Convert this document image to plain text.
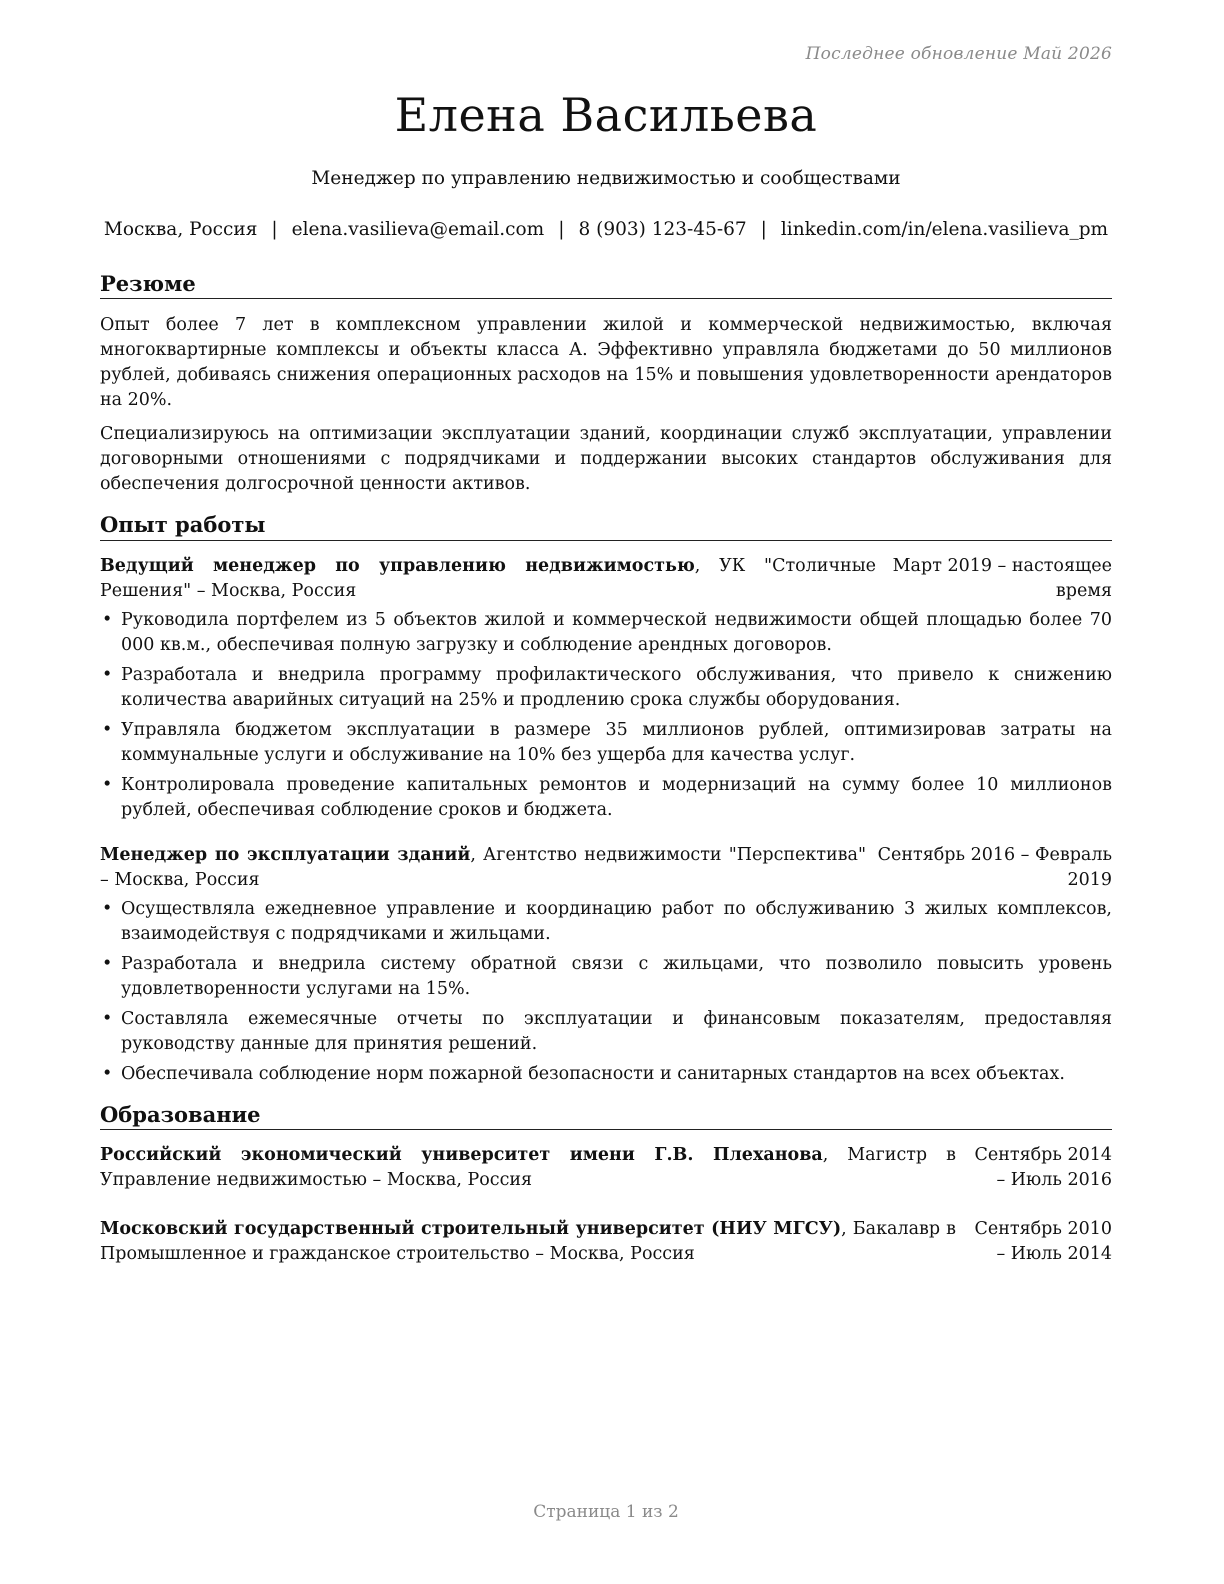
Последнее обновление Май 2026
Елена Васильева
Менеджер по управлению недвижимостью и сообществами
Москва, Россия | elena.vasilieva@email.com | 8 (903) 123-45-67 | linkedin.com/in/elena.vasilieva_pm
Резюме

Опыт более 7 лет в комплексном управлении жилой и коммерческой недвижимостью, включая многоквартирные комплексы и объекты класса А. Эффективно управляла бюджетами до 50 миллионов рублей, добиваясь снижения операционных расходов на 15% и повышения удовлетворенности арендаторов на 20%.

Специализируюсь на оптимизации эксплуатации зданий, координации служб эксплуатации, управлении договорными отношениями с подрядчиками и поддержании высоких стандартов обслуживания для обеспечения долгосрочной ценности активов.

Опыт работы
Ведущий менеджер по управлению недвижимостью, УК "Столичные Решения" – Москва, Россия
Март 2019 – настоящее время
• Руководила портфелем из 5 объектов жилой и коммерческой недвижимости общей площадью более 70 000 кв.м., обеспечивая полную загрузку и соблюдение арендных договоров.
• Разработала и внедрила программу профилактического обслуживания, что привело к снижению количества аварийных ситуаций на 25% и продлению срока службы оборудования.
• Управляла бюджетом эксплуатации в размере 35 миллионов рублей, оптимизировав затраты на коммунальные услуги и обслуживание на 10% без ущерба для качества услуг.
• Контролировала проведение капитальных ремонтов и модернизаций на сумму более 10 миллионов рублей, обеспечивая соблюдение сроков и бюджета.
Менеджер по эксплуатации зданий, Агентство недвижимости "Перспектива" – Москва, Россия
Сентябрь 2016 – Февраль 2019
• Осуществляла ежедневное управление и координацию работ по обслуживанию 3 жилых комплексов, взаимодействуя с подрядчиками и жильцами.
• Разработала и внедрила систему обратной связи с жильцами, что позволило повысить уровень удовлетворенности услугами на 15%.
• Составляла ежемесячные отчеты по эксплуатации и финансовым показателям, предоставляя руководству данные для принятия решений.
• Обеспечивала соблюдение норм пожарной безопасности и санитарных стандартов на всех объектах.
Образование
Российский экономический университет имени Г.В. Плеханова, Магистр в Управление недвижимостью – Москва, Россия
Сентябрь 2014 – Июль 2016
Московский государственный строительный университет (НИУ МГСУ), Бакалавр в Промышленное и гражданское строительство – Москва, Россия
Сентябрь 2010 – Июль 2014
Страница 1 из 2
